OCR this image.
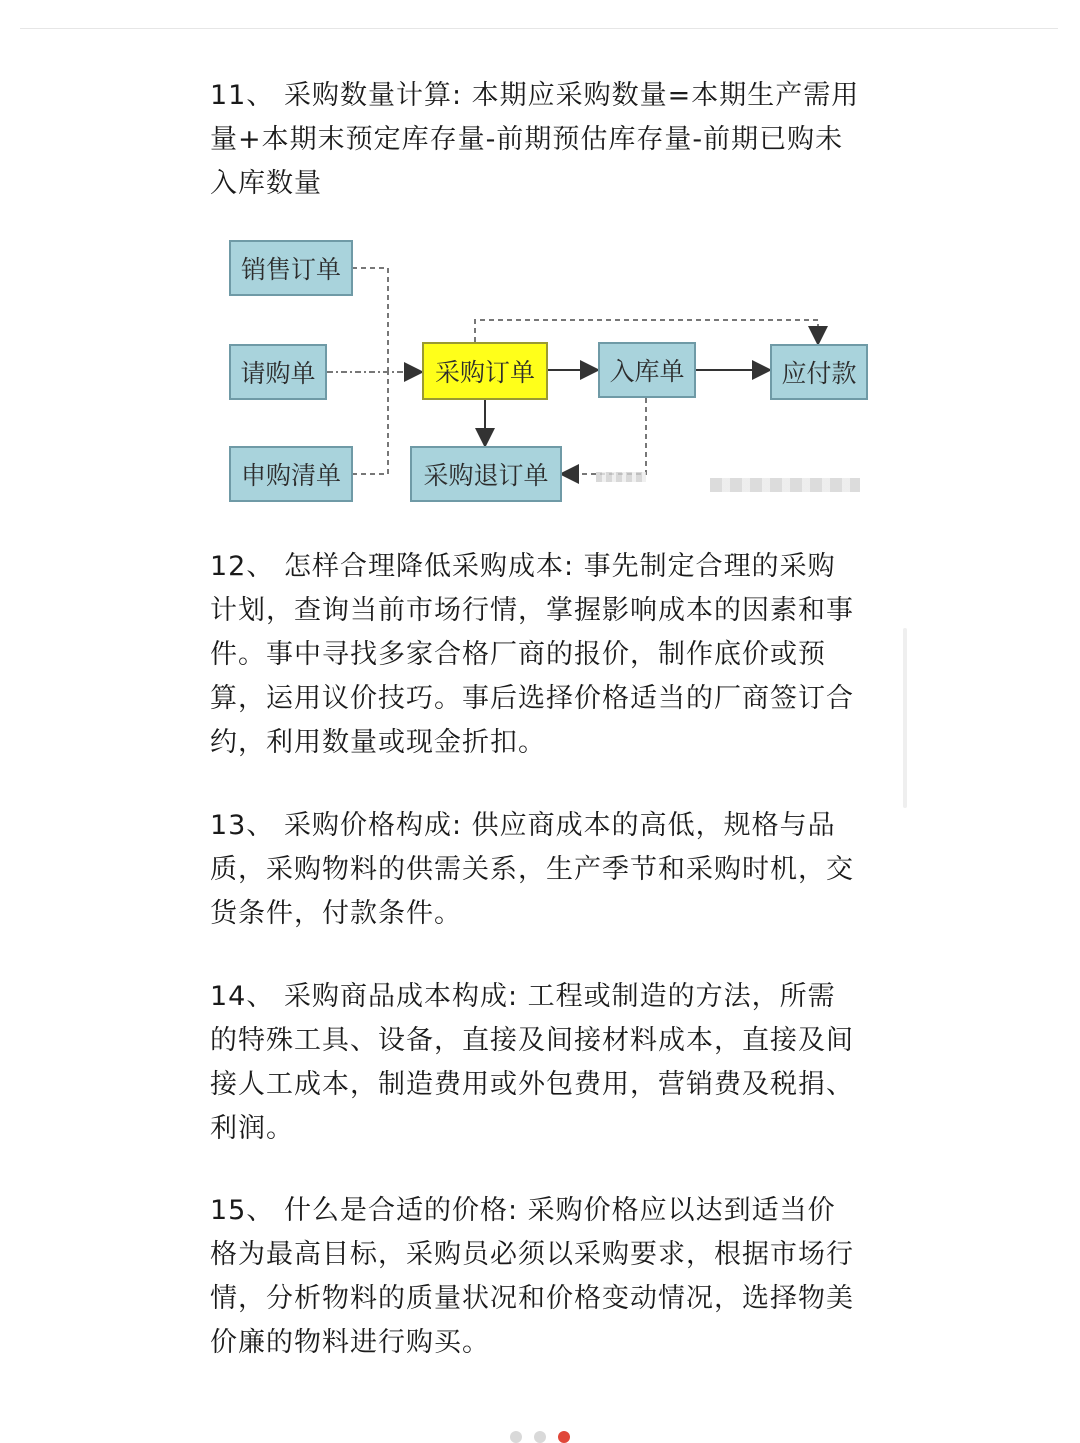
11、 采购数量计算: 本期应采购数量=本期生产需用
量+本期末预定库存量-前期预估库存量-前期已购未
入库数量
销售订单
请购单
申购清单
采购订单	入库单	应付款
采购退订单
12、 怎样合理降低采购成本: 事先制定合理的采购
计划，查询当前市场行情，掌握影响成本的因素和事
件。事中寻找多家合格厂商的报价，制作底价或预
算，运用议价技巧。事后选择价格适当的厂商签订合
约，利用数量或现金折扣。
13、 采购价格构成: 供应商成本的高低，规格与品
质，采购物料的供需关系，生产季节和采购时机，交
货条件，付款条件。
14、 采购商品成本构成: 工程或制造的方法，所需
的特殊工具、设备，直接及间接材料成本，直接及间
接人工成本，制造费用或外包费用，营销费及税捐、
利润。
15、 什么是合适的价格: 采购价格应以达到适当价
格为最高目标，采购员必须以采购要求，根据市场行
情，分析物料的质量状况和价格变动情况，选择物美
价廉的物料进行购买。
